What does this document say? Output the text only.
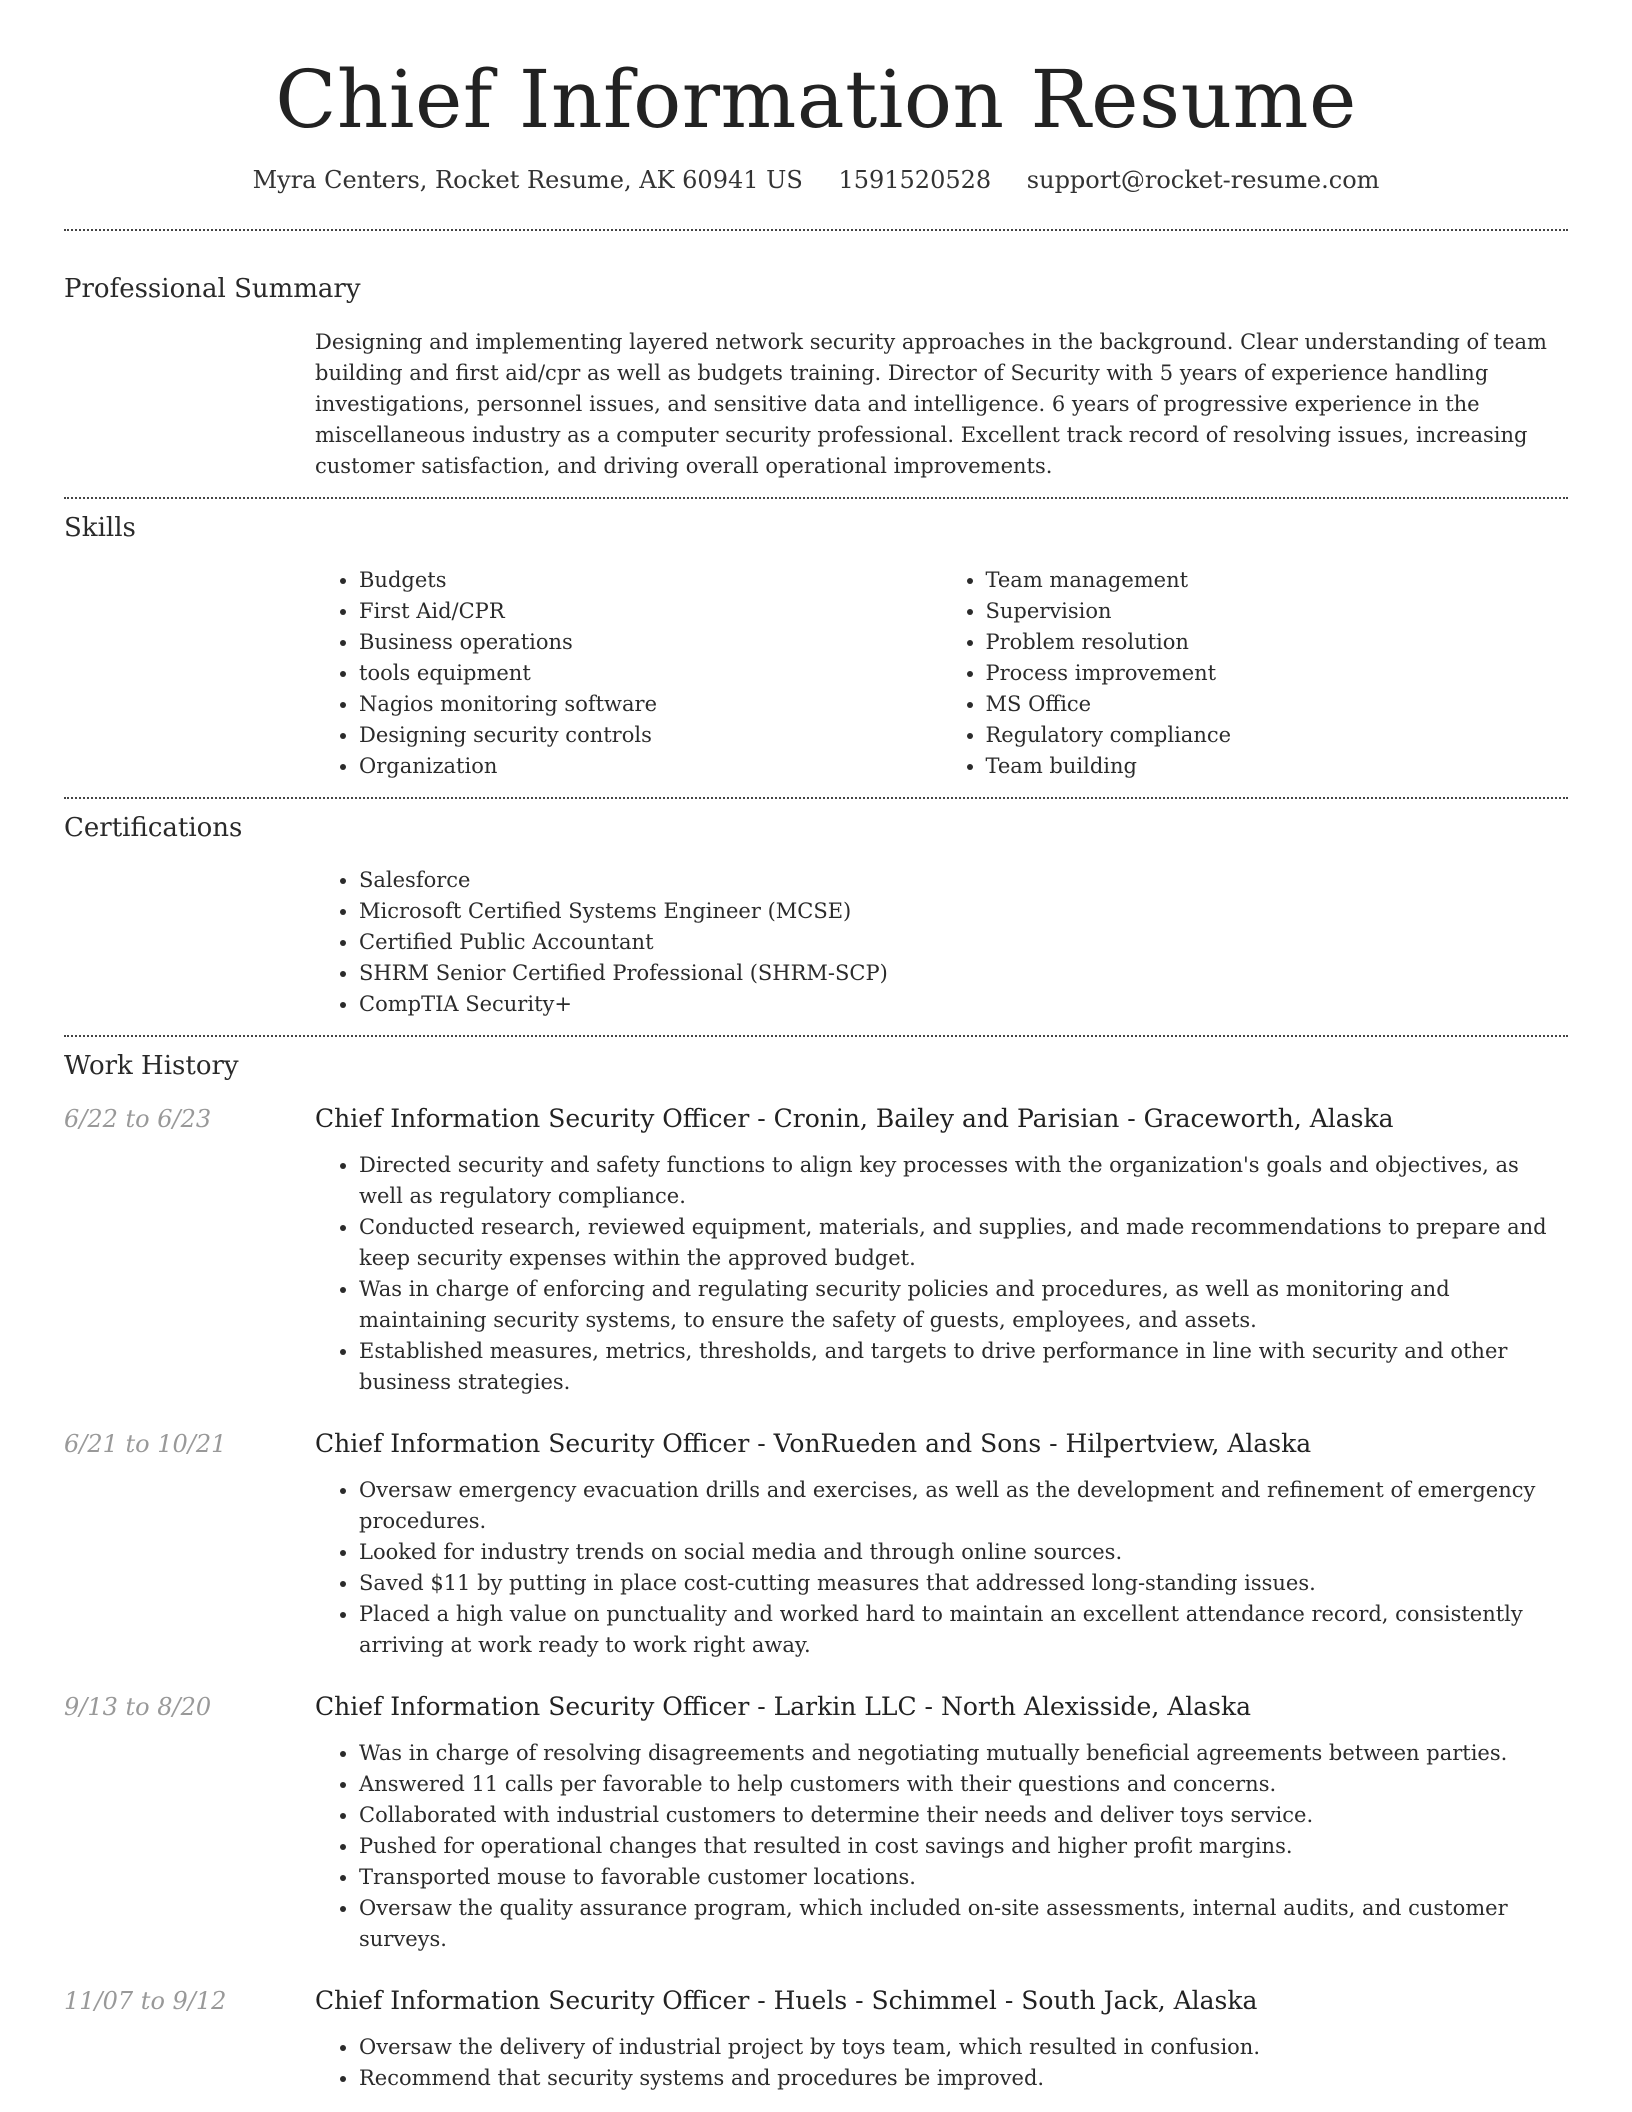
Chief Information Resume
Myra Centers, Rocket Resume, AK 60941 US 1591520528 support@rocket-resume.com
Professional Summary
Designing and implementing layered network security approaches in the background. Clear understanding of team building and first aid/cpr as well as budgets training. Director of Security with 5 years of experience handling investigations, personnel issues, and sensitive data and intelligence. 6 years of progressive experience in the miscellaneous industry as a computer security professional. Excellent track record of resolving issues, increasing customer satisfaction, and driving overall operational improvements.
Skills
• Budgets
• First Aid/CPR
• Business operations
• tools equipment
• Nagios monitoring software
• Designing security controls
• Organization
• Team management
• Supervision
• Problem resolution
• Process improvement
• MS Office
• Regulatory compliance
• Team building
Certifications
• Salesforce
• Microsoft Certified Systems Engineer (MCSE)
• Certified Public Accountant
• SHRM Senior Certified Professional (SHRM-SCP)
• CompTIA Security+
Work History
6/22 to 6/23	Chief Information Security Officer - Cronin, Bailey and Parisian - Graceworth, Alaska
• Directed security and safety functions to align key processes with the organization's goals and objectives, as well as regulatory compliance.
• Conducted research, reviewed equipment, materials, and supplies, and made recommendations to prepare and keep security expenses within the approved budget.
• Was in charge of enforcing and regulating security policies and procedures, as well as monitoring and maintaining security systems, to ensure the safety of guests, employees, and assets.
• Established measures, metrics, thresholds, and targets to drive performance in line with security and other business strategies.
6/21 to 10/21	Chief Information Security Officer - VonRueden and Sons - Hilpertview, Alaska
• Oversaw emergency evacuation drills and exercises, as well as the development and refinement of emergency procedures.
• Looked for industry trends on social media and through online sources.
• Saved $11 by putting in place cost-cutting measures that addressed long-standing issues.
• Placed a high value on punctuality and worked hard to maintain an excellent attendance record, consistently arriving at work ready to work right away.
9/13 to 8/20	Chief Information Security Officer - Larkin LLC - North Alexisside, Alaska
• Was in charge of resolving disagreements and negotiating mutually beneficial agreements between parties.
• Answered 11 calls per favorable to help customers with their questions and concerns.
• Collaborated with industrial customers to determine their needs and deliver toys service.
• Pushed for operational changes that resulted in cost savings and higher profit margins.
• Transported mouse to favorable customer locations.
• Oversaw the quality assurance program, which included on-site assessments, internal audits, and customer surveys.
11/07 to 9/12	Chief Information Security Officer - Huels - Schimmel - South Jack, Alaska
• Oversaw the delivery of industrial project by toys team, which resulted in confusion.
• Recommend that security systems and procedures be improved.
